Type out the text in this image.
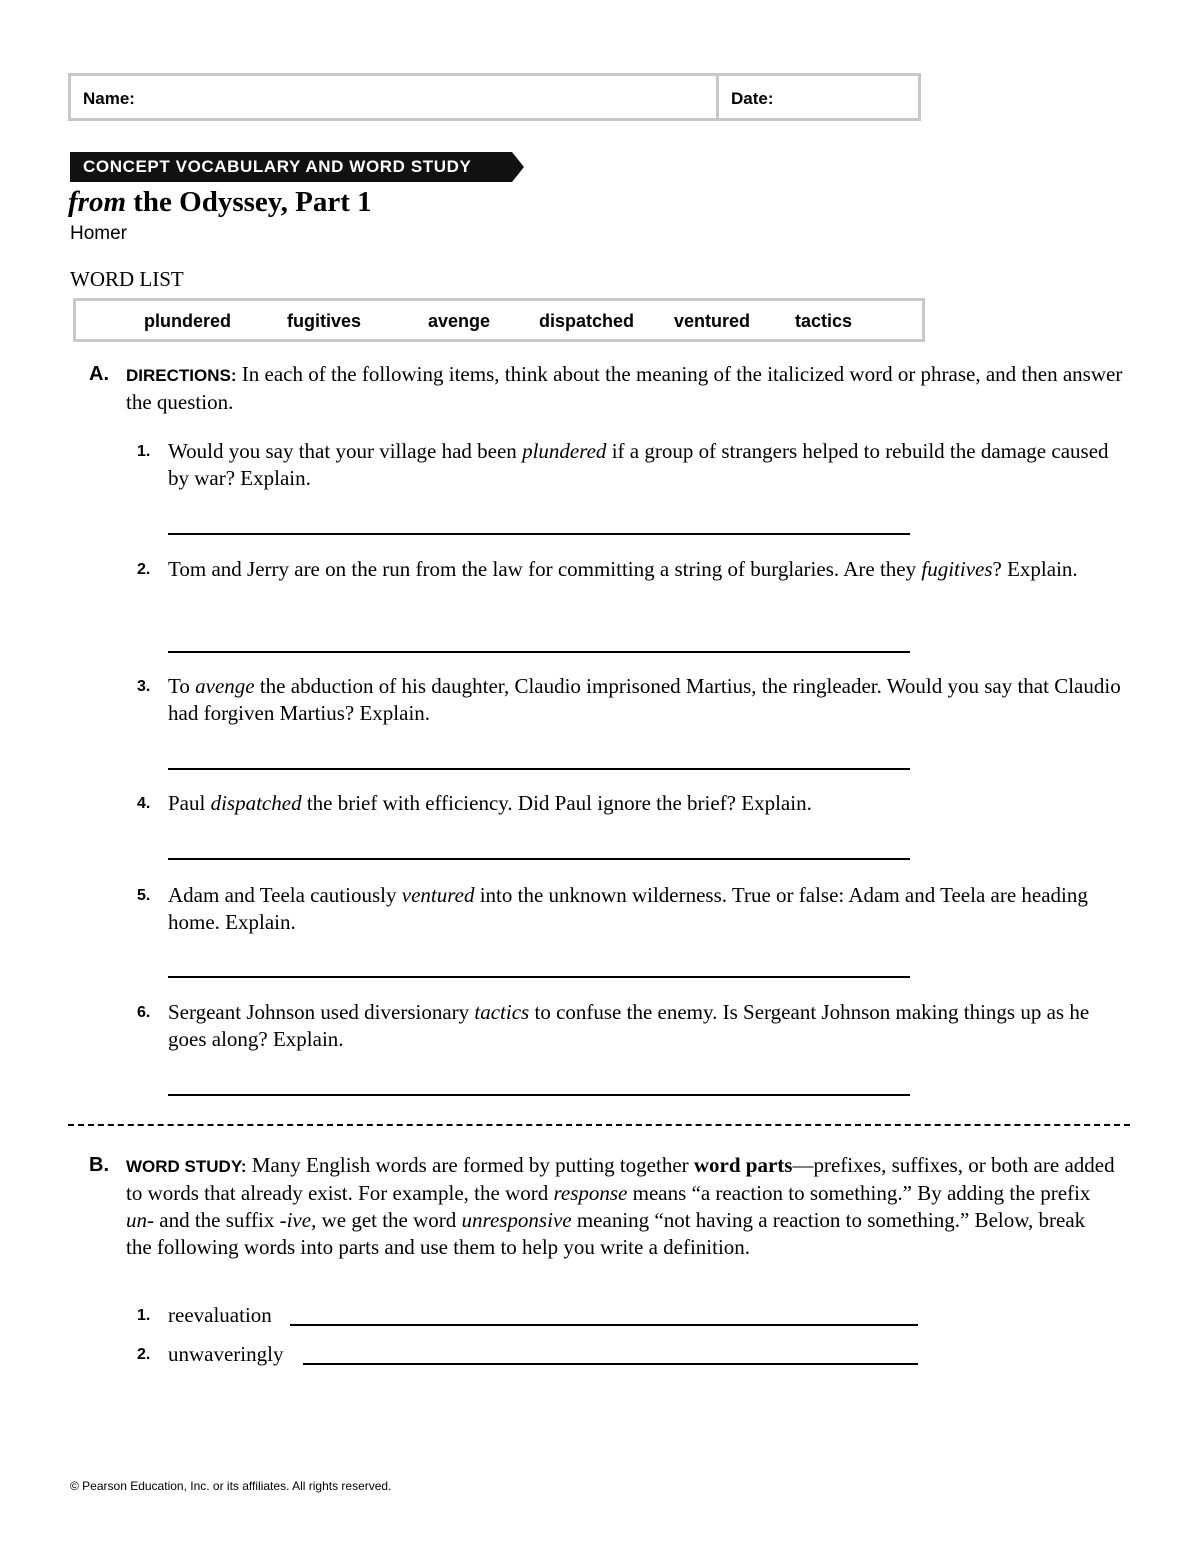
Name:	Date:
CONCEPT VOCABULARY AND WORD STUDY
from the Odyssey, Part 1
Homer
WORD LIST
plundered	fugitives	avenge	dispatched ventured tactics
A. DIRECTIONS: In each of the following items, think about the meaning of the italicized word or phrase, and then answer the question.
1. Would you say that your village had been plundered if a group of strangers helped to rebuild the damage caused by war? Explain.
2. Tom and Jerry are on the run from the law for committing a string of burglaries. Are they fugitives? Explain.
3. To avenge the abduction of his daughter, Claudio imprisoned Martius, the ringleader. Would you say that Claudio had forgiven Martius? Explain.
4. Paul dispatched the brief with efficiency. Did Paul ignore the brief? Explain.
5. Adam and Teela cautiously ventured into the unknown wilderness. True or false: Adam and Teela are heading home. Explain.
6. Sergeant Johnson used diversionary tactics to confuse the enemy. Is Sergeant Johnson making things up as he goes along? Explain.
B. WORD STUDY: Many English words are formed by putting together word parts—prefixes, suffixes, or both are added to words that already exist. For example, the word response means “a reaction to something.” By adding the prefix un- and the suffix -ive, we get the word unresponsive meaning “not having a reaction to something.” Below, break the following words into parts and use them to help you write a definition.
1. reevaluation
2. unwaveringly
© Pearson Education, Inc. or its affiliates. All rights reserved.
